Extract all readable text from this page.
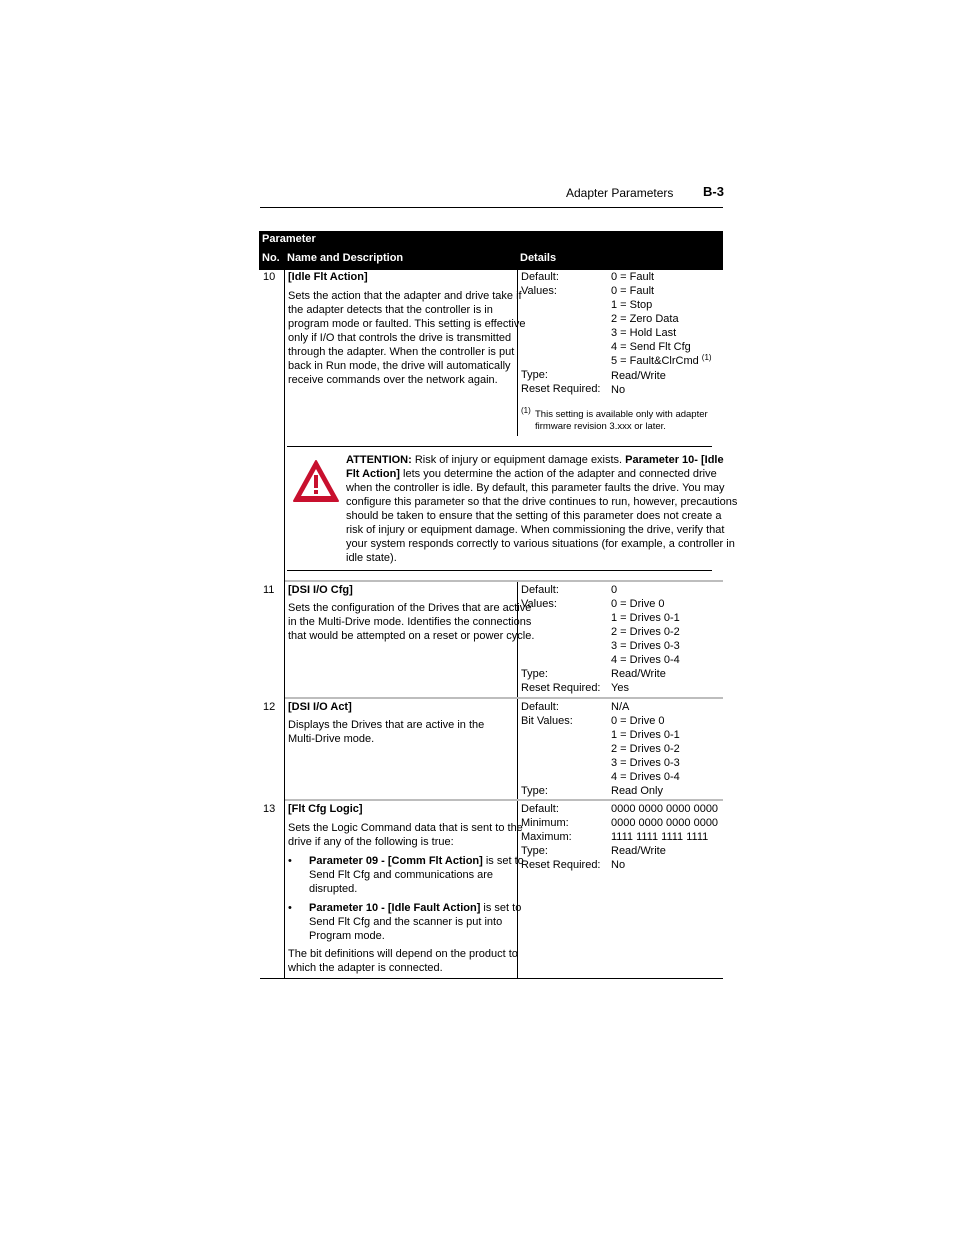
Adapter Parameters B-3
Parameter
No. Name and Description	Details
10 [Idle Flt Action]
Sets the action that the adapter and drive take if
the adapter detects that the controller is in
program mode or faulted. This setting is effective
only if I/O that controls the drive is transmitted
through the adapter. When the controller is put
back in Run mode, the drive will automatically
receive commands over the network again.
Default:
Values:

Type:
Reset Required:
0 = Fault
0 = Fault
1 = Stop
2 = Zero Data
3 = Hold Last
4 = Send Flt Cfg
5 = Fault&ClrCmd $^{(1)}$
Read/Write
No
(1) This setting is available only with adapter
firmware revision 3.xxx or later.
ATTENTION: Risk of injury or equipment damage exists. Parameter 10- [Idle
Flt Action] lets you determine the action of the adapter and connected drive
when the controller is idle. By default, this parameter faults the drive. You may
configure this parameter so that the drive continues to run, however, precautions
should be taken to ensure that the setting of this parameter does not create a
risk of injury or equipment damage. When commissioning the drive, verify that
your system responds correctly to various situations (for example, a controller in
idle state).
11 [DSI I/O Cfg]
Sets the configuration of the Drives that are active
in the Multi-Drive mode. Identifies the connections
that would be attempted on a reset or power cycle.
Default:
Values:

Type:
Reset Required:
0
0 = Drive 0
1 = Drives 0-1
2 = Drives 0-2
3 = Drives 0-3
4 = Drives 0-4
Read/Write
Yes
12 [DSI I/O Act]
Displays the Drives that are active in the
Multi-Drive mode.
Default:
Bit Values:

Type:
N/A
0 = Drive 0
1 = Drives 0-1
2 = Drives 0-2
3 = Drives 0-3
4 = Drives 0-4
Read Only
13 [Flt Cfg Logic]
Sets the Logic Command data that is sent to the
drive if any of the following is true:
• Parameter 09 - [Comm Flt Action] is set to
Send Flt Cfg and communications are
disrupted.
• Parameter 10 - [Idle Fault Action] is set to
Send Flt Cfg and the scanner is put into
Program mode.
The bit definitions will depend on the product to
which the adapter is connected.
Default:
Minimum:
Maximum:
Type:
Reset Required:
0000 0000 0000 0000
0000 0000 0000 0000
1111 1111 1111 1111
Read/Write
No
